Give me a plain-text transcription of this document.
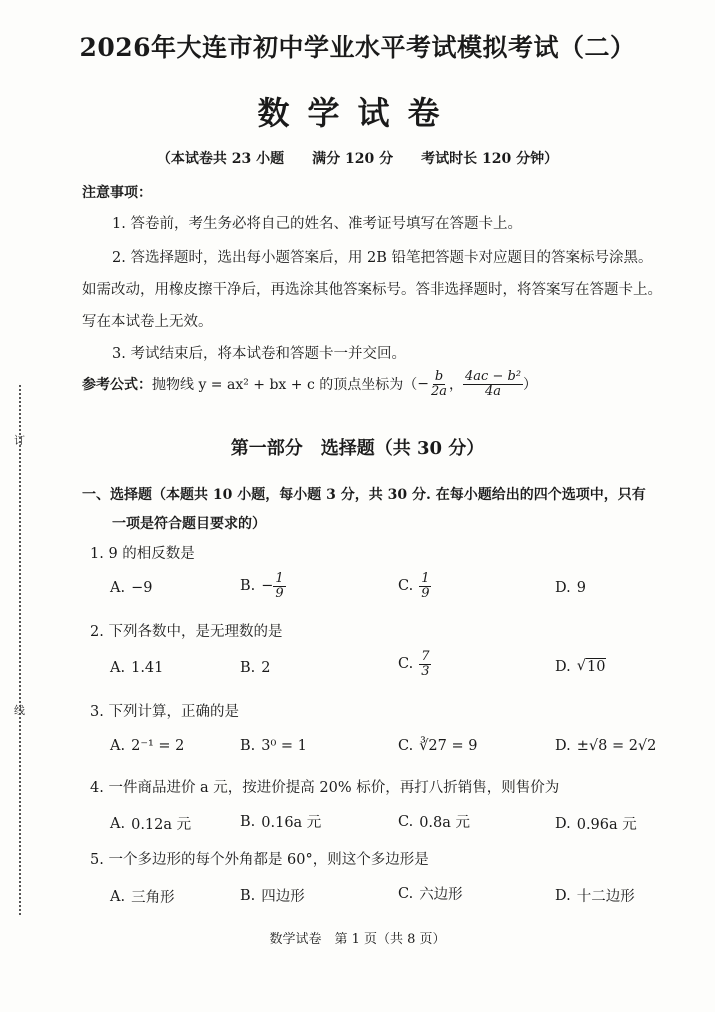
订
线
2026年大连市初中学业水平考试模拟考试（二）
数学试卷
（本试卷共 23 小题　　满分 120 分　　考试时长 120 分钟）
注意事项：
1. 答卷前，考生务必将自己的姓名、准考证号填写在答题卡上。
2. 答选择题时，选出每小题答案后，用 2B 铅笔把答题卡对应题目的答案标号涂黑。
如需改动，用橡皮擦干净后，再选涂其他答案标号。答非选择题时，将答案写在答题卡上。
写在本试卷上无效。
3. 考试结束后，将本试卷和答题卡一并交回。
参考公式： 抛物线 y = ax² + bx + c 的顶点坐标为（ − $\frac{b}{2a}$ ， $\frac{\text{4ac − b²}}{4a}$ ）
第一部分　选择题（共 30 分）
一、选择题（本题共 10 小题，每小题 3 分，共 30 分. 在每小题给出的四个选项中，只有
一项是符合题目要求的）
1. 9 的相反数是
A. −9	B. − $\frac{1}{9}$	C. $\frac{1}{9}$	D. 9
2. 下列各数中，是无理数的是
A. 1.41	B. 2	C. $\frac{7}{3}$	D. √ 10
3. 下列计算，正确的是
A. 2⁻¹ = 2	B. 3⁰ = 1	C. ∛27 = 9	D. ±√8 = 2√2
4. 一件商品进价 a 元，按进价提高 20% 标价，再打八折销售，则售价为
A. 0.12a 元	B. 0.16a 元	C. 0.8a 元	D. 0.96a 元
5. 一个多边形的每个外角都是 60°，则这个多边形是
A. 三角形	B. 四边形	C. 六边形	D. 十二边形
数学试卷　第 1 页（共 8 页）
